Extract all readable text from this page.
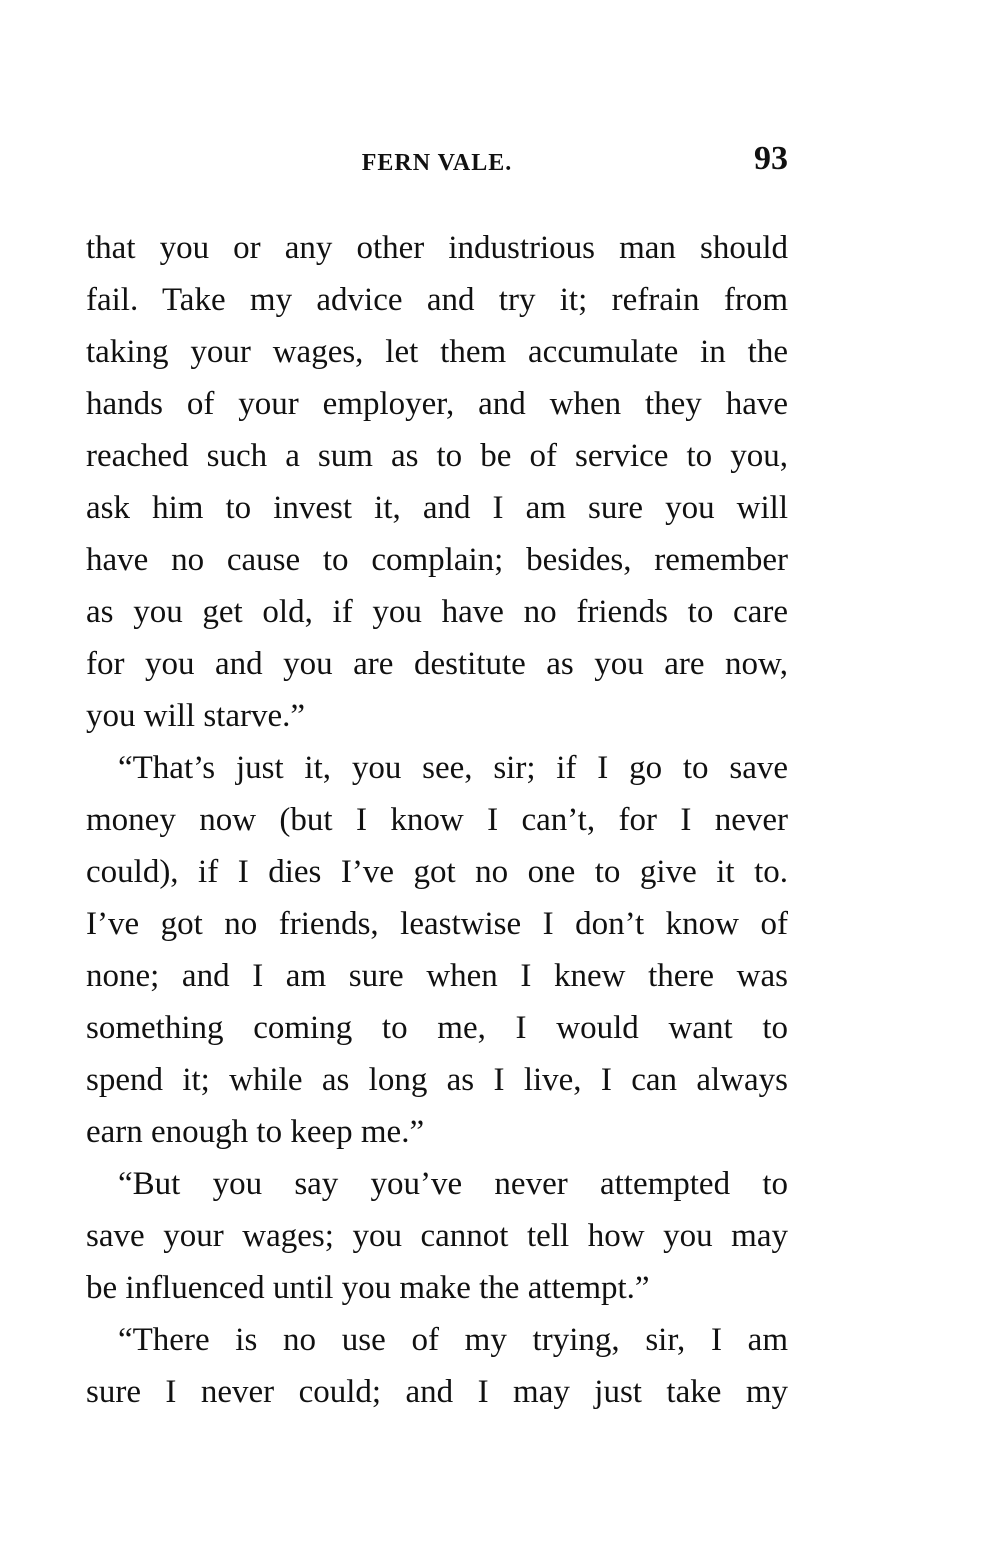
FERN VALE.	93
that you or any other industrious man should
fail. Take my advice and try it; refrain from
taking your wages, let them accumulate in the
hands of your employer, and when they have
reached such a sum as to be of service to you,
ask him to invest it, and I am sure you will
have no cause to complain; besides, remember
as you get old, if you have no friends to care
for you and you are destitute as you are now,
you will starve.”
“That’s just it, you see, sir; if I go to save
money now (but I know I can’t, for I never
could), if I dies I’ve got no one to give it to.
I’ve got no friends, leastwise I don’t know of
none; and I am sure when I knew there was
something coming to me, I would want to
spend it; while as long as I live, I can always
earn enough to keep me.”
“But you say you’ve never attempted to
save your wages; you cannot tell how you may
be influenced until you make the attempt.”
“There is no use of my trying, sir, I am
sure I never could; and I may just take my
